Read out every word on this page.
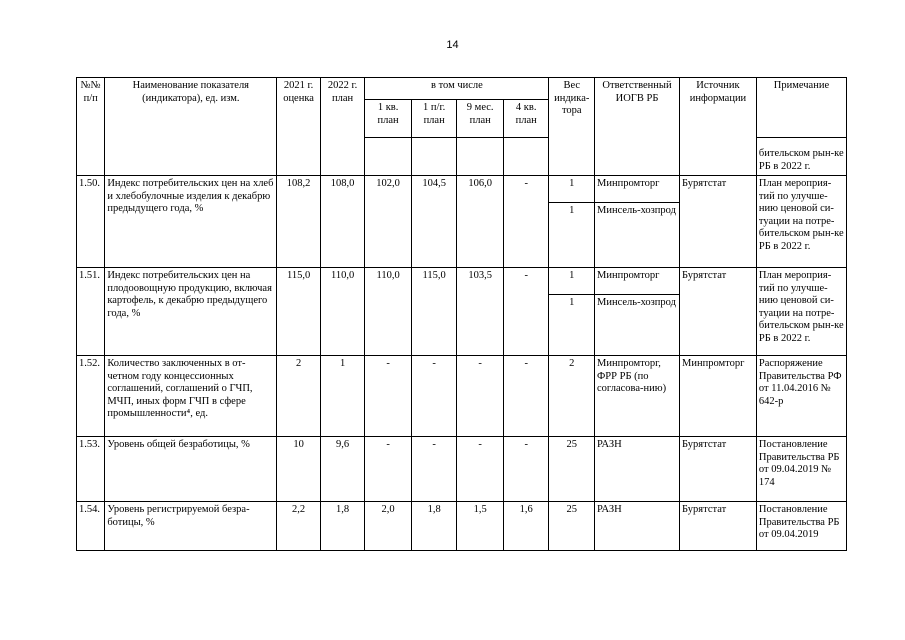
14
№№
п/п	Наименование показателя (индикатора), ед. изм.	2021 г. оценка	2022 г. план	в том числе				Вес индика-тора	Ответственный ИОГВ РБ	Источник информации	Примечание
				1 кв. план	1 п/г. план	9 мес. план	4 кв. план				
											бительском рын-ке РБ в 2022 г.
1.50.	Индекс потребительских цен на хлеб и хлебобулочные изделия к декабрю предыдущего года, %	108,2	108,0	102,0	104,5	106,0	-	1	Минпромторг	Бурятстат	План мероприя-тий по улучше-нию ценовой си-туации на потре-бительском рын-ке РБ в 2022 г.
								1	Минсель-хозпрод		
1.51.	Индекс потребительских цен на плодоовощную продукцию, включая картофель, к декабрю предыдущего года, %	115,0	110,0	110,0	115,0	103,5	-	1	Минпромторг	Бурятстат	План мероприя-тий по улучше-нию ценовой си-туации на потре-бительском рын-ке РБ в 2022 г.
								1	Минсель-хозпрод		
1.52.	Количество заключенных в от-четном году концессионных соглашений, соглашений о ГЧП, МЧП, иных форм ГЧП в сфере промышленности⁴, ед.	2	1	-	-	-	-	2	Минпромторг, ФРР РБ (по согласова-нию)	Минпромторг	Распоряжение Правительства РФ от 11.04.2016 № 642-р
1.53.	Уровень общей безработицы, %	10	9,6	-	-	-	-	25	РАЗН	Бурятстат	Постановление Правительства РБ от 09.04.2019 № 174
1.54.	Уровень регистрируемой безра-ботицы, %	2,2	1,8	2,0	1,8	1,5	1,6	25	РАЗН	Бурятстат	Постановление Правительства РБ от 09.04.2019
